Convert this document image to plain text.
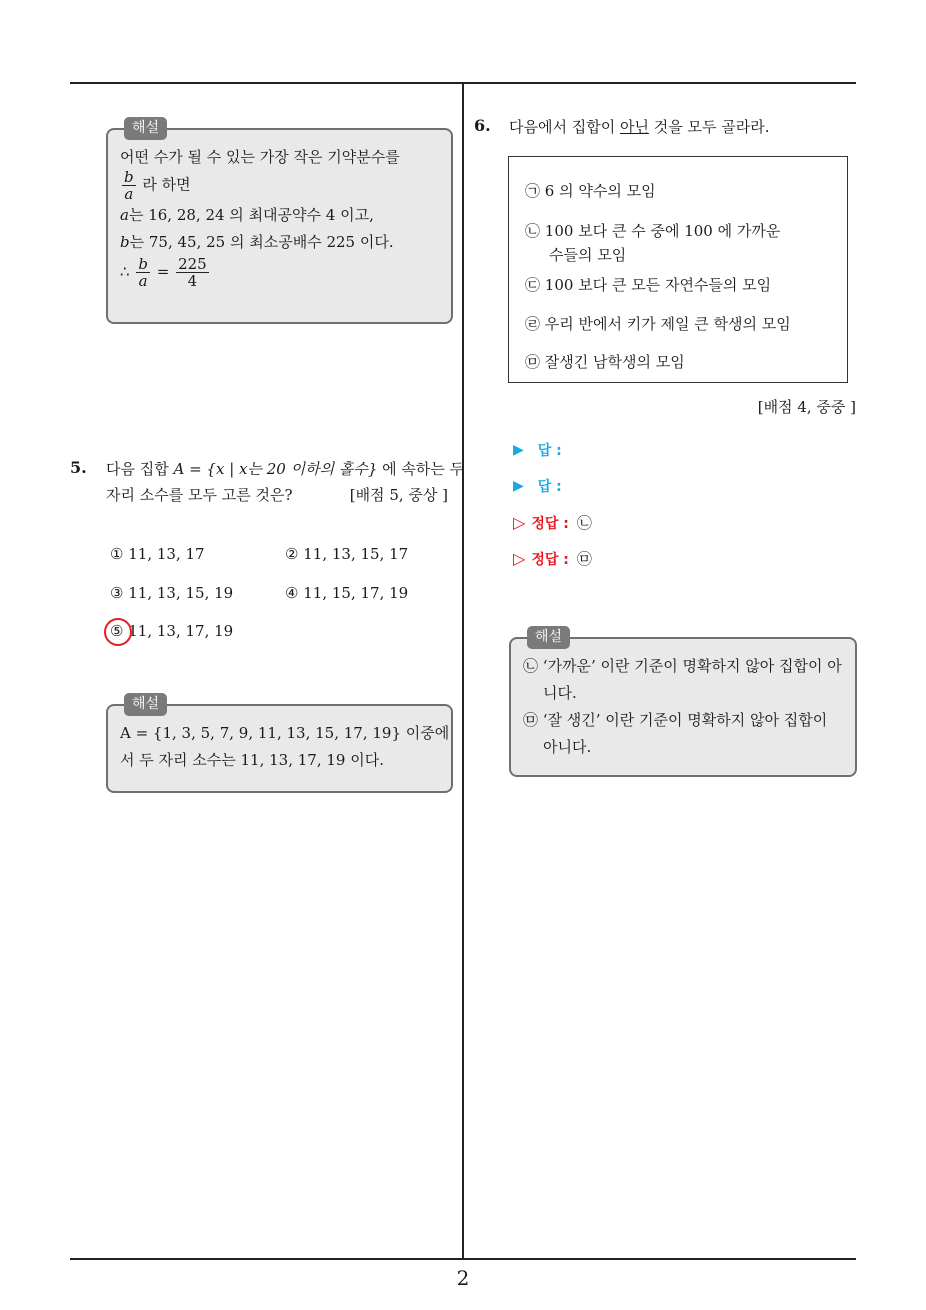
해설
어떤 수가 될 수 있는 가장 작은 기약분수를
$\frac{b}{a}$ 라 하면
a는 16, 28, 24 의 최대공약수 4 이고,
b는 75, 45, 25 의 최소공배수 225 이다.
∴ $\frac{b}{a} = \frac{225}{4}$
5. 다음 집합 A = {x | x는 20 이하의 홀수} 에 속하는 두
자리 소수를 모두 고른 것은?	[배점 5, 중상 ]
① 11, 13, 17	② 11, 13, 15, 17
③ 11, 13, 15, 19	④ 11, 15, 17, 19
⑤ 11, 13, 17, 19
해설
A = {1, 3, 5, 7, 9, 11, 13, 15, 17, 19} 이중에
서 두 자리 소수는 11, 13, 17, 19 이다.
6. 다음에서 집합이 아닌 것을 모두 골라라.
㉠ 6 의 약수의 모임
㉡ 100 보다 큰 수 중에 100 에 가까운
수들의 모임
㉢ 100 보다 큰 모든 자연수들의 모임
㉣ 우리 반에서 키가 제일 큰 학생의 모임
㉤ 잘생긴 남학생의 모임
[배점 4, 중중 ]
▶ 답 :
▶ 답 :
▷ 정답 : ㉡
▷ 정답 : ㉤
해설
㉡ ‘가까운’ 이란 기준이 명확하지 않아 집합이 아
니다.
㉤ ‘잘 생긴’ 이란 기준이 명확하지 않아 집합이
아니다.
2
